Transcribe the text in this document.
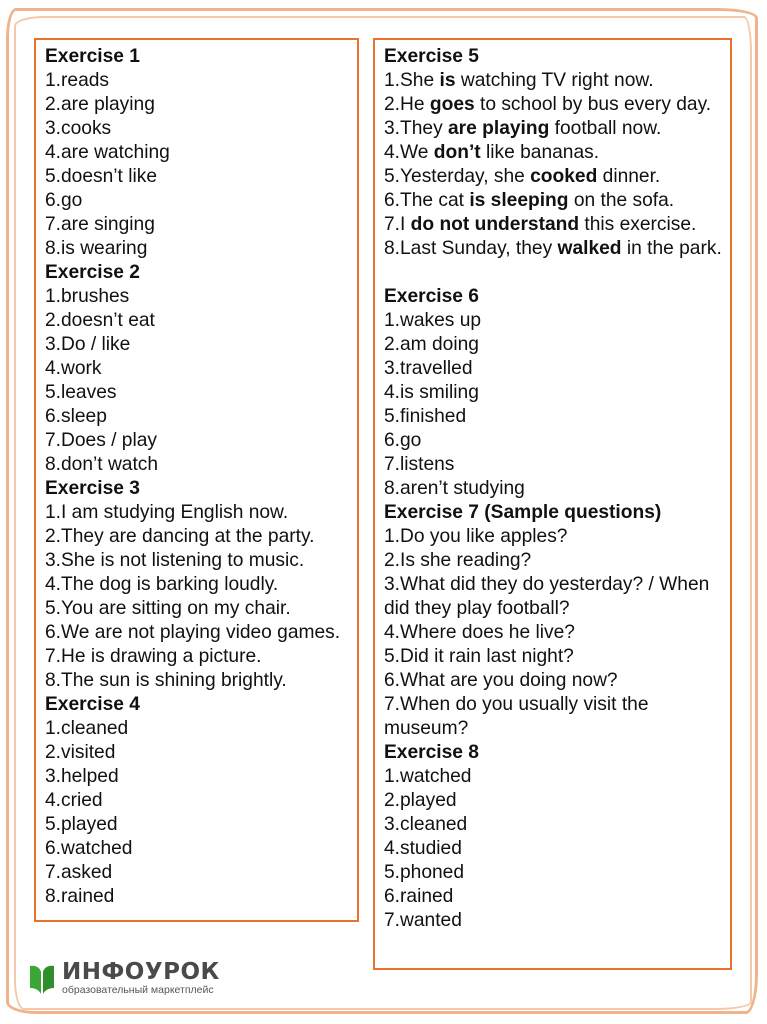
Exercise 1
1.reads
2.are playing
3.cooks
4.are watching
5.doesn’t like
6.go
7.are singing
8.is wearing
Exercise 2
1.brushes
2.doesn’t eat
3.Do / like
4.work
5.leaves
6.sleep
7.Does / play
8.don’t watch
Exercise 3
1.I am studying English now.
2.They are dancing at the party.
3.She is not listening to music.
4.The dog is barking loudly.
5.You are sitting on my chair.
6.We are not playing video games.
7.He is drawing a picture.
8.The sun is shining brightly.
Exercise 4
1.cleaned
2.visited
3.helped
4.cried
5.played
6.watched
7.asked
8.rained
Exercise 5
1.She is watching TV right now.
2.He goes to school by bus every day.
3.They are playing football now.
4.We don’t like bananas.
5.Yesterday, she cooked dinner.
6.The cat is sleeping on the sofa.
7.I do not understand this exercise.
8.Last Sunday, they walked in the park.
Exercise 6
1.wakes up
2.am doing
3.travelled
4.is smiling
5.finished
6.go
7.listens
8.aren’t studying
Exercise 7 (Sample questions)
1.Do you like apples?
2.Is she reading?
3.What did they do yesterday? / When did they play football?
4.Where does he live?
5.Did it rain last night?
6.What are you doing now?
7.When do you usually visit the museum?
Exercise 8
1.watched
2.played
3.cleaned
4.studied
5.phoned
6.rained
7.wanted
ИНФОУРОК
образовательный маркетплейс
